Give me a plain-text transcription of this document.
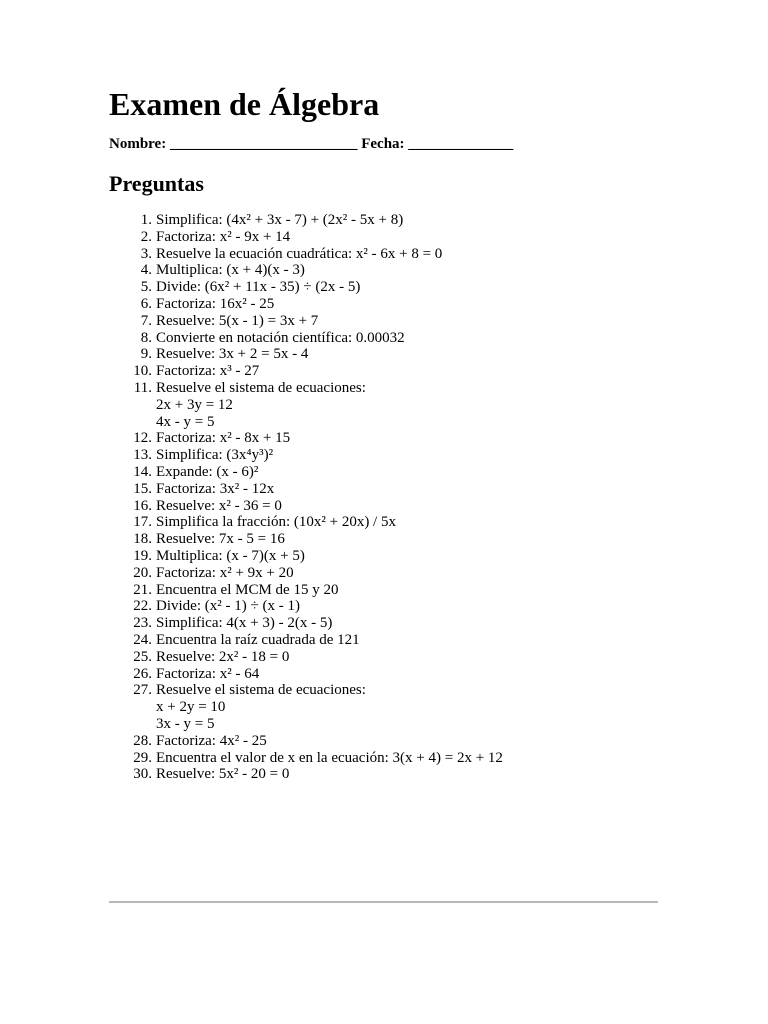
Examen de Álgebra
Nombre: _________________________ Fecha: ______________
Preguntas
1. Simplifica: (4x² + 3x - 7) + (2x² - 5x + 8)
2. Factoriza: x² - 9x + 14
3. Resuelve la ecuación cuadrática: x² - 6x + 8 = 0
4. Multiplica: (x + 4)(x - 3)
5. Divide: (6x² + 11x - 35) ÷ (2x - 5)
6. Factoriza: 16x² - 25
7. Resuelve: 5(x - 1) = 3x + 7
8. Convierte en notación científica: 0.00032
9. Resuelve: 3x + 2 = 5x - 4
10. Factoriza: x³ - 27
11. Resuelve el sistema de ecuaciones:
2x + 3y = 12
4x - y = 5
12. Factoriza: x² - 8x + 15
13. Simplifica: (3x⁴y³)²
14. Expande: (x - 6)²
15. Factoriza: 3x² - 12x
16. Resuelve: x² - 36 = 0
17. Simplifica la fracción: (10x² + 20x) / 5x
18. Resuelve: 7x - 5 = 16
19. Multiplica: (x - 7)(x + 5)
20. Factoriza: x² + 9x + 20
21. Encuentra el MCM de 15 y 20
22. Divide: (x² - 1) ÷ (x - 1)
23. Simplifica: 4(x + 3) - 2(x - 5)
24. Encuentra la raíz cuadrada de 121
25. Resuelve: 2x² - 18 = 0
26. Factoriza: x² - 64
27. Resuelve el sistema de ecuaciones:
x + 2y = 10
3x - y = 5
28. Factoriza: 4x² - 25
29. Encuentra el valor de x en la ecuación: 3(x + 4) = 2x + 12
30. Resuelve: 5x² - 20 = 0
